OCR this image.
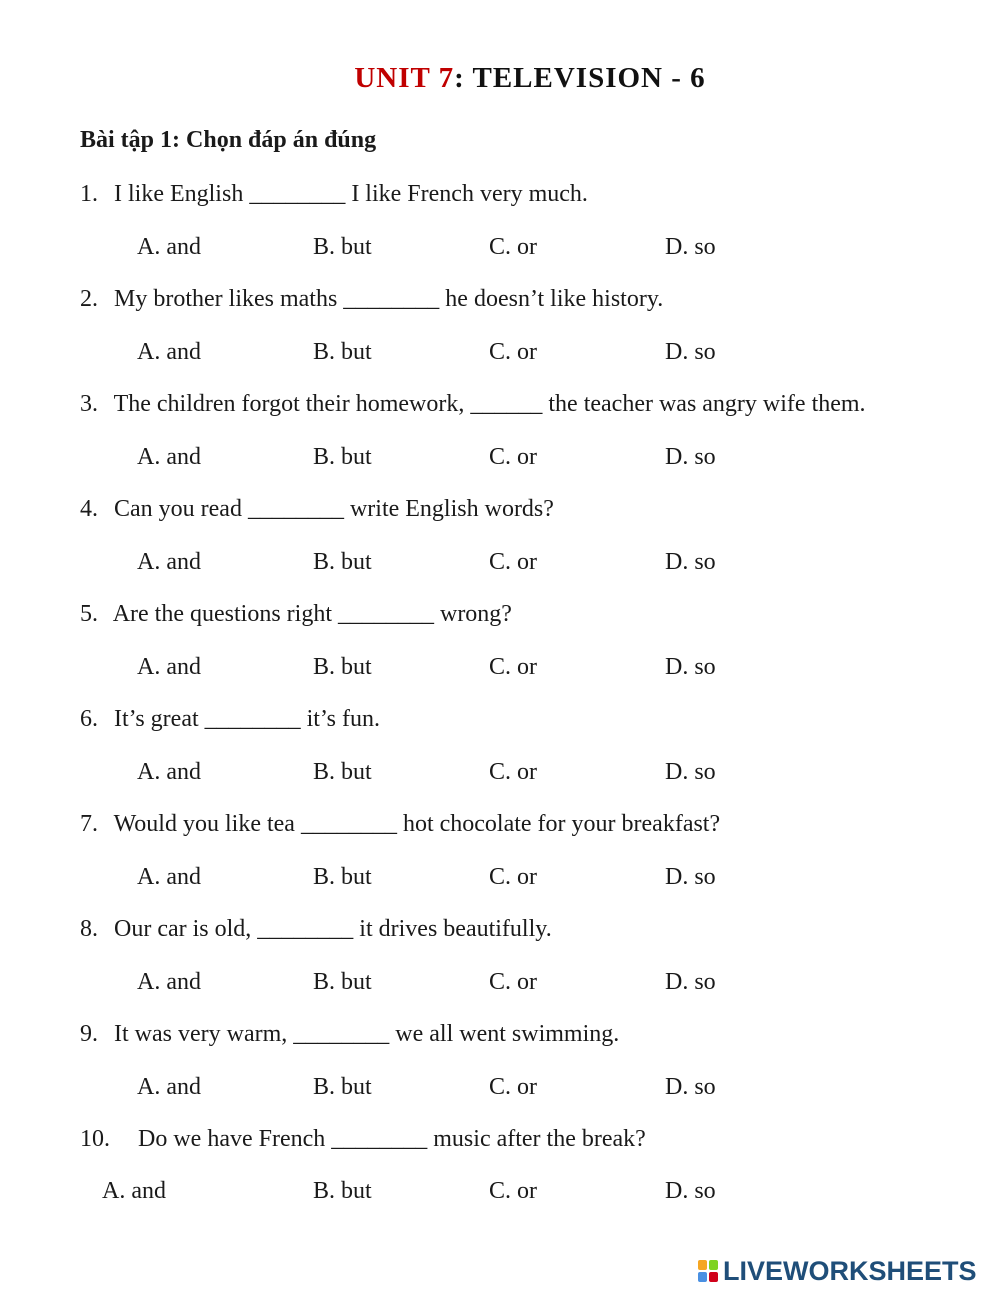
UNIT 7: TELEVISION - 6
Bài tập 1: Chọn đáp án đúng
1. I like English ________ I like French very much.
A. and	B. but	C. or	D. so
2. My brother likes maths ________ he doesn’t like history.
A. and	B. but	C. or	D. so
3. The children forgot their homework, ______ the teacher was angry wife them.
A. and	B. but	C. or	D. so
4. Can you read ________ write English words?
A. and	B. but	C. or	D. so
5. Are the questions right ________ wrong?
A. and	B. but	C. or	D. so
6. It’s great ________ it’s fun.
A. and	B. but	C. or	D. so
7. Would you like tea ________ hot chocolate for your breakfast?
A. and	B. but	C. or	D. so
8. Our car is old, ________ it drives beautifully.
A. and	B. but	C. or	D. so
9. It was very warm, ________ we all went swimming.
A. and	B. but	C. or	D. so
10. Do we have French ________ music after the break?
A. and	B. but	C. or	D. so
LIVEWORKSHEETS
